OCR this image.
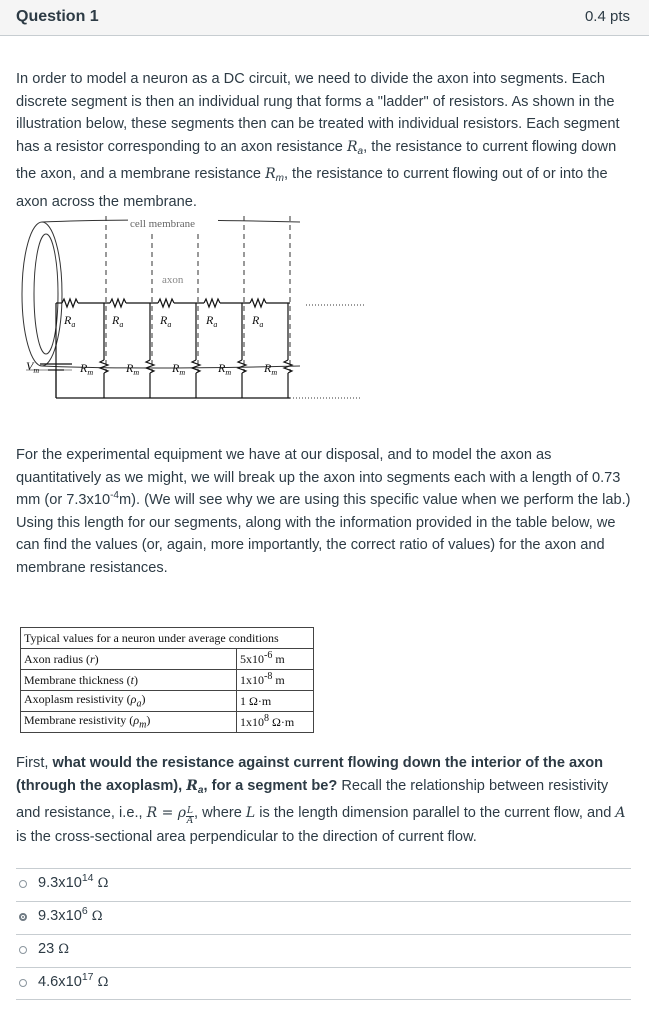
Question 1	0.4 pts
In order to model a neuron as a DC circuit, we need to divide the axon into segments. Each discrete segment is then an individual rung that forms a "ladder" of resistors. As shown in the illustration below, these segments then can be treated with individual resistors. Each segment has a resistor corresponding to an axon resistance $R_a$, the resistance to current flowing down the axon, and a membrane resistance $R_m$, the resistance to current flowing out of or into the axon across the membrane.
cell membrane
axon
$R_a$	$R_a$	$R_a$	$R_a$	$R_a$
$V_m$	$R_m$	$R_m$	$R_m$	$R_m$	$R_m$
For the experimental equipment we have at our disposal, and to model the axon as quantitatively as we might, we will break up the axon into segments each with a length of 0.73 mm (or $7.3x10^{-4}m$). (We will see why we are using this specific value when we perform the lab.) Using this length for our segments, along with the information provided in the table below, we can find the values (or, again, more importantly, the correct ratio of values) for the axon and membrane resistances.
Typical values for a neuron under average conditions	
Axon radius (r)	$5x10^{-6}$ m
Membrane thickness (t)	$1x10^{-8}$ m
Axoplasm resistivity $(\rho_a)$	1 Ω·m
Membrane resistivity $(\rho_m)$	$1x10^8$ Ω·m
First, what would the resistance against current flowing down the interior of the axon (through the axoplasm), $R_a$, for a segment be? Recall the relationship between resistivity and resistance, i.e., R = ρ $\frac{L}{A}$ , where L is the length dimension parallel to the current flow, and A is the cross-sectional area perpendicular to the direction of current flow.
$9.3x10^{14}$ Ω
$9.3x10^6$ Ω
23 Ω
$4.6x10^{17}$ Ω
